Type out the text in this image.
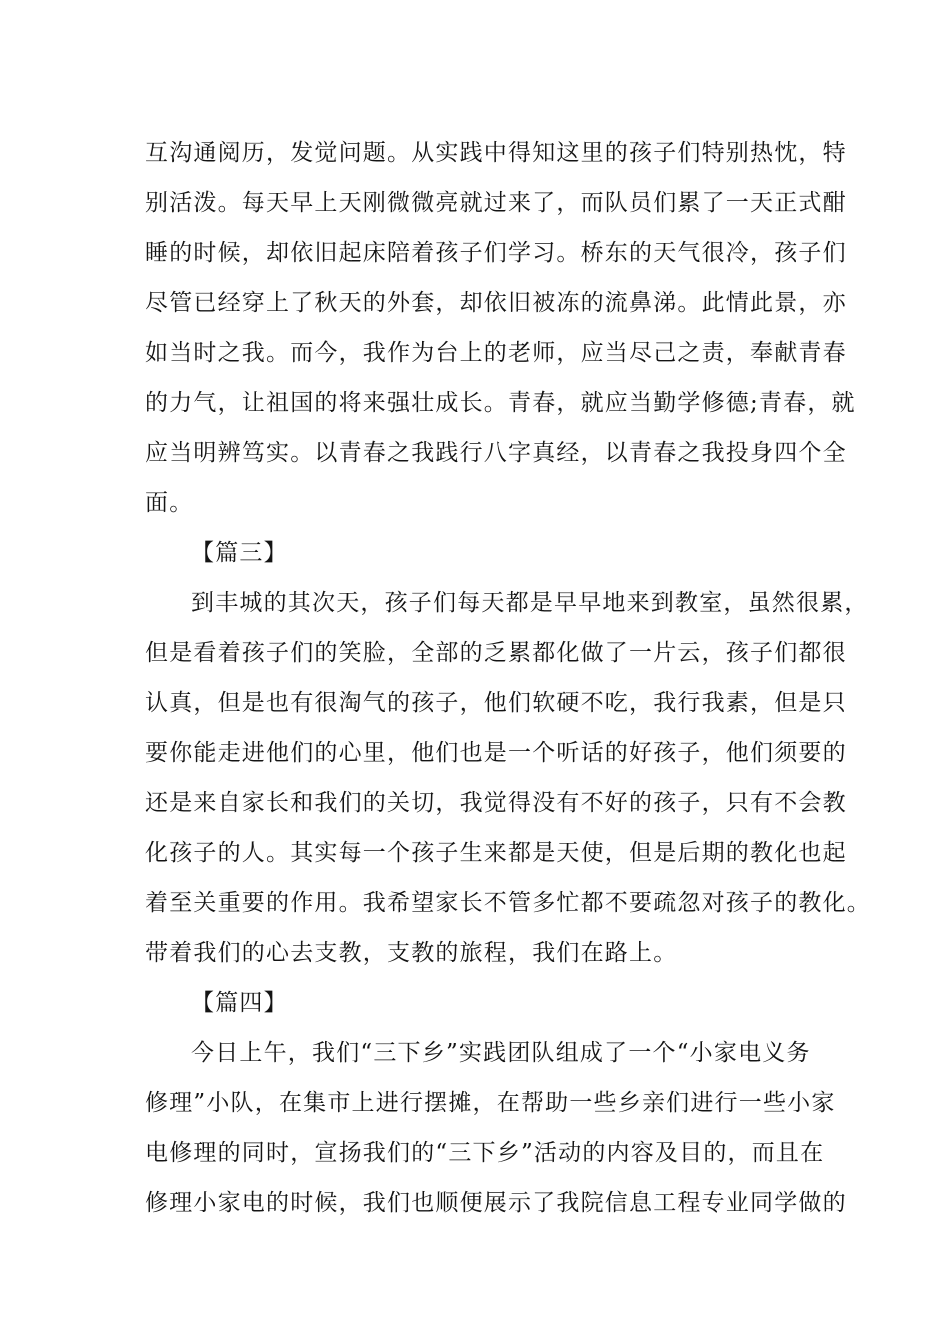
互沟通阅历，发觉问题。从实践中得知这里的孩子们特别热忱，特
别活泼。每天早上天刚微微亮就过来了，而队员们累了一天正式酣
睡的时候，却依旧起床陪着孩子们学习。桥东的天气很冷，孩子们
尽管已经穿上了秋天的外套，却依旧被冻的流鼻涕。此情此景，亦
如当时之我。而今，我作为台上的老师，应当尽己之责，奉献青春
的力气，让祖国的将来强壮成长。青春，就应当勤学修德;青春，就
应当明辨笃实。以青春之我践行八字真经，以青春之我投身四个全
面。
【篇三】
到丰城的其次天，孩子们每天都是早早地来到教室，虽然很累，
但是看着孩子们的笑脸，全部的乏累都化做了一片云，孩子们都很
认真，但是也有很淘气的孩子，他们软硬不吃，我行我素，但是只
要你能走进他们的心里，他们也是一个听话的好孩子，他们须要的
还是来自家长和我们的关切，我觉得没有不好的孩子，只有不会教
化孩子的人。其实每一个孩子生来都是天使，但是后期的教化也起
着至关重要的作用。我希望家长不管多忙都不要疏忽对孩子的教化。
带着我们的心去支教，支教的旅程，我们在路上。
【篇四】
今日上午，我们“三下乡”实践团队组成了一个“小家电义务
修理”小队，在集市上进行摆摊，在帮助一些乡亲们进行一些小家
电修理的同时，宣扬我们的“三下乡”活动的内容及目的，而且在
修理小家电的时候，我们也顺便展示了我院信息工程专业同学做的
